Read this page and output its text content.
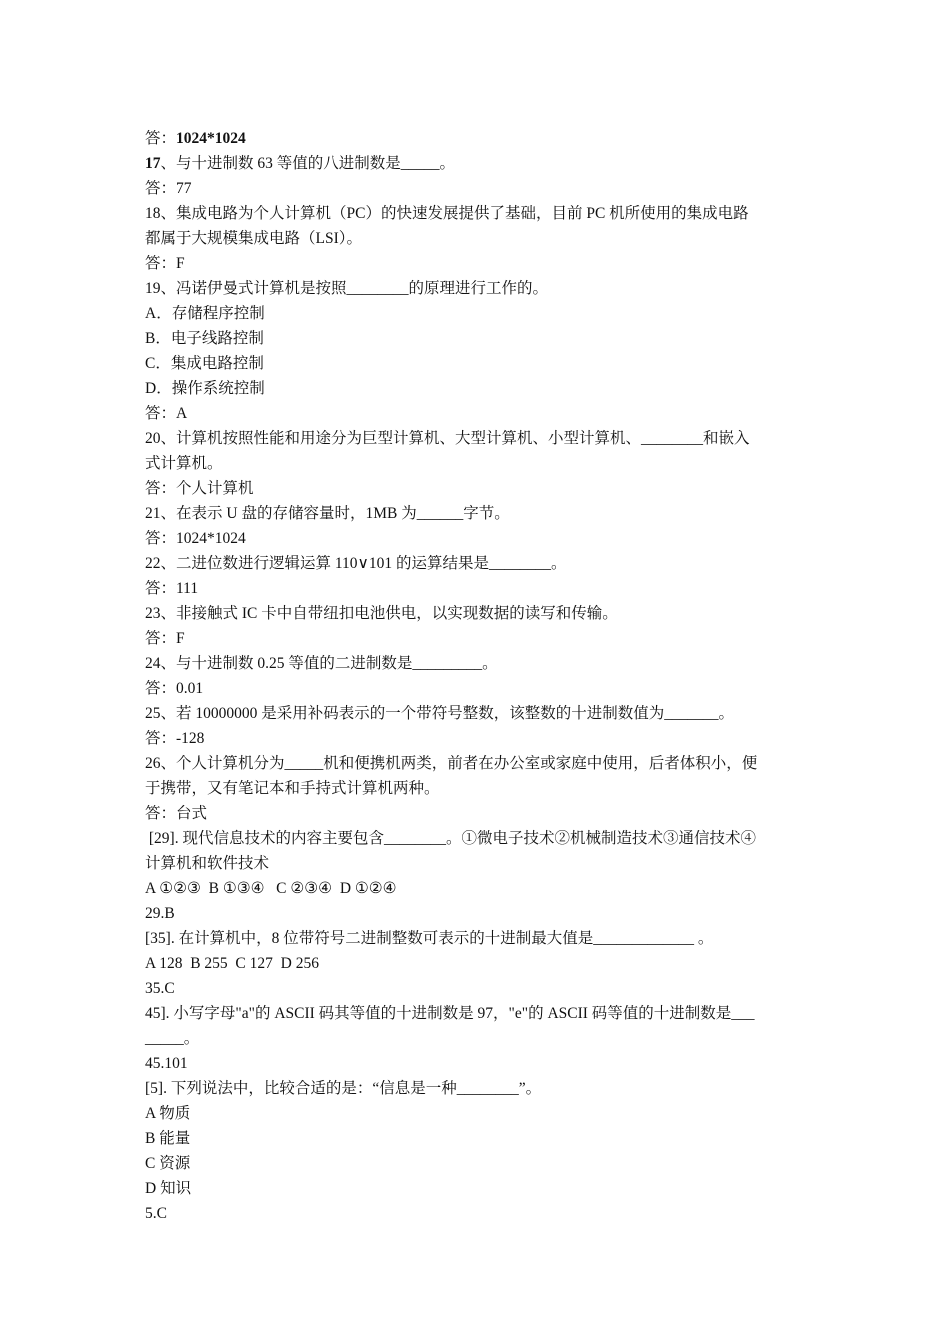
答：1024*1024
17、与十进制数 63 等值的八进制数是_____。
答：77
18、集成电路为个人计算机（PC）的快速发展提供了基础，目前 PC 机所使用的集成电路
都属于大规模集成电路（LSI）。
答：F
19、冯诺伊曼式计算机是按照________的原理进行工作的。
A．存储程序控制
B．电子线路控制
C．集成电路控制
D．操作系统控制
答：A
20、计算机按照性能和用途分为巨型计算机、大型计算机、小型计算机、________和嵌入
式计算机。
答：个人计算机
21、在表示 U 盘的存储容量时，1MB 为______字节。
答：1024*1024
22、二进位数进行逻辑运算 110∨101 的运算结果是________。
答：111
23、非接触式 IC 卡中自带纽扣电池供电，以实现数据的读写和传输。
答：F
24、与十进制数 0.25 等值的二进制数是_________。
答：0.01
25、若 10000000 是采用补码表示的一个带符号整数，该整数的十进制数值为_______。
答：-128
26、个人计算机分为_____机和便携机两类，前者在办公室或家庭中使用，后者体积小，便
于携带，又有笔记本和手持式计算机两种。
答：台式
[29]. 现代信息技术的内容主要包含________。①微电子技术②机械制造技术③通信技术④
计算机和软件技术
A ①②③  B ①③④   C ②③④  D ①②④
29.B
[35]. 在计算机中，8 位带符号二进制整数可表示的十进制最大值是_____________ 。
A 128  B 255  C 127  D 256
35.C
45]. 小写字母"a"的 ASCII 码其等值的十进制数是 97，"e"的 ASCII 码等值的十进制数是___
_____。
45.101
[5]. 下列说法中，比较合适的是：“信息是一种________”。
A 物质
B 能量
C 资源
D 知识
5.C
